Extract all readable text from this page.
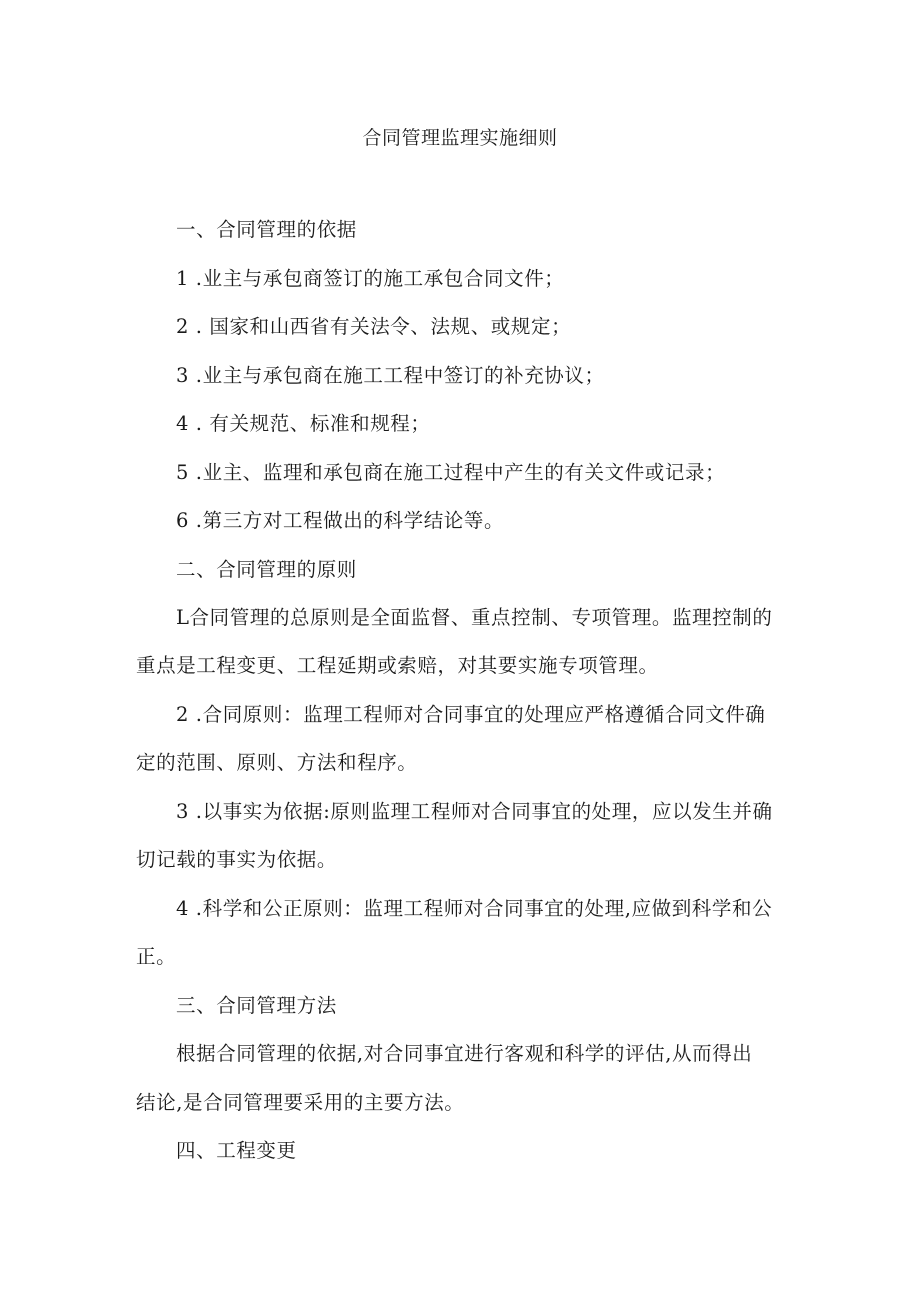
合同管理监理实施细则
一、合同管理的依据
1 .业主与承包商签订的施工承包合同文件；
2 . 国家和山西省有关法令、法规、或规定；
3 .业主与承包商在施工工程中签订的补充协议；
4 . 有关规范、标准和规程；
5 .业主、监理和承包商在施工过程中产生的有关文件或记录；
6 .第三方对工程做出的科学结论等。
二、合同管理的原则
L合同管理的总原则是全面监督、重点控制、专项管理。监理控制的
重点是工程变更、工程延期或索赔，对其要实施专项管理。
2 .合同原则：监理工程师对合同事宜的处理应严格遵循合同文件确
定的范围、原则、方法和程序。
3 .以事实为依据:原则监理工程师对合同事宜的处理，应以发生并确
切记载的事实为依据。
4 .科学和公正原则：监理工程师对合同事宜的处理,应做到科学和公
正。
三、合同管理方法
根据合同管理的依据,对合同事宜进行客观和科学的评估,从而得出
结论,是合同管理要采用的主要方法。
四、工程变更
